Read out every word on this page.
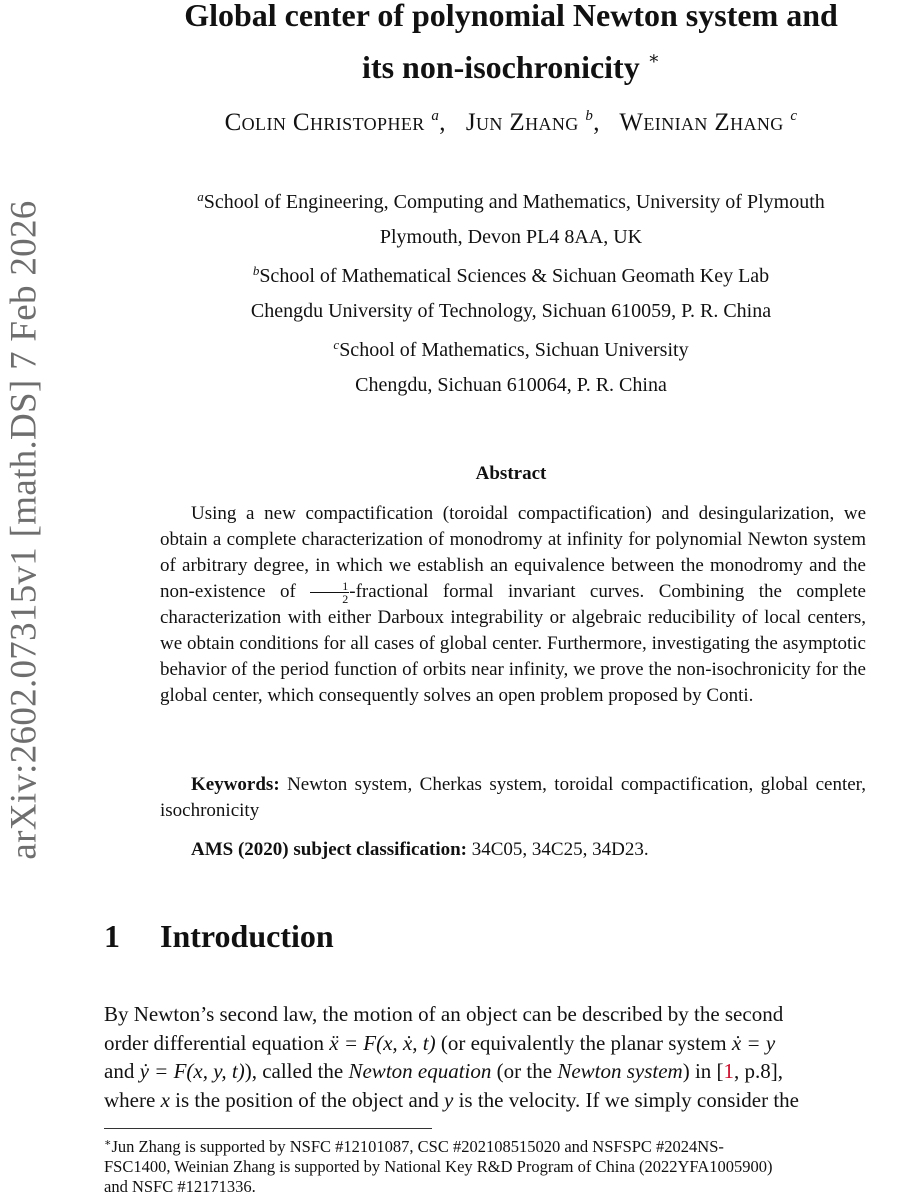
arXiv:2602.07315v1 [math.DS] 7 Feb 2026
Global center of polynomial Newton system and
its non-isochronicity ∗
Colin Christopher $^a$,   Jun Zhang $^b$,   Weinian Zhang $^c$
$^a$School of Engineering, Computing and Mathematics, University of Plymouth
Plymouth, Devon PL4 8AA, UK
$^b$School of Mathematical Sciences & Sichuan Geomath Key Lab
Chengdu University of Technology, Sichuan 610059, P. R. China
$^c$School of Mathematics, Sichuan University
Chengdu, Sichuan 610064, P. R. China
Abstract

Using a new compactification (toroidal compactification) and desingularization, we obtain a complete characterization of monodromy at infinity for polynomial Newton system of arbitrary degree, in which we establish an equivalence between the monodromy and the non-existence of $\frac{1}{2}$ -fractional formal invariant curves. Combining the complete characterization with either Darboux integrability or algebraic reducibility of local centers, we obtain conditions for all cases of global center. Furthermore, investigating the asymptotic behavior of the period function of orbits near infinity, we prove the non-isochronicity for the global center, which consequently solves an open problem proposed by Conti.

Keywords: Newton system, Cherkas system, toroidal compactification, global center, isochronicity

AMS (2020) subject classification: 34C05, 34C25, 34D23.

1 Introduction

By Newton’s second law, the motion of an object can be described by the second
order differential equation ẍ = F(x, ẋ, t) (or equivalently the planar system ẋ = y
and ẏ = F(x, y, t)), called the Newton equation (or the Newton system) in [1, p.8],
where x is the position of the object and y is the velocity. If we simply consider the

∗Jun Zhang is supported by NSFC #12101087, CSC #202108515020 and NSFSPC #2024NS-
FSC1400, Weinian Zhang is supported by National Key R&D Program of China (2022YFA1005900)
and NSFC #12171336.
